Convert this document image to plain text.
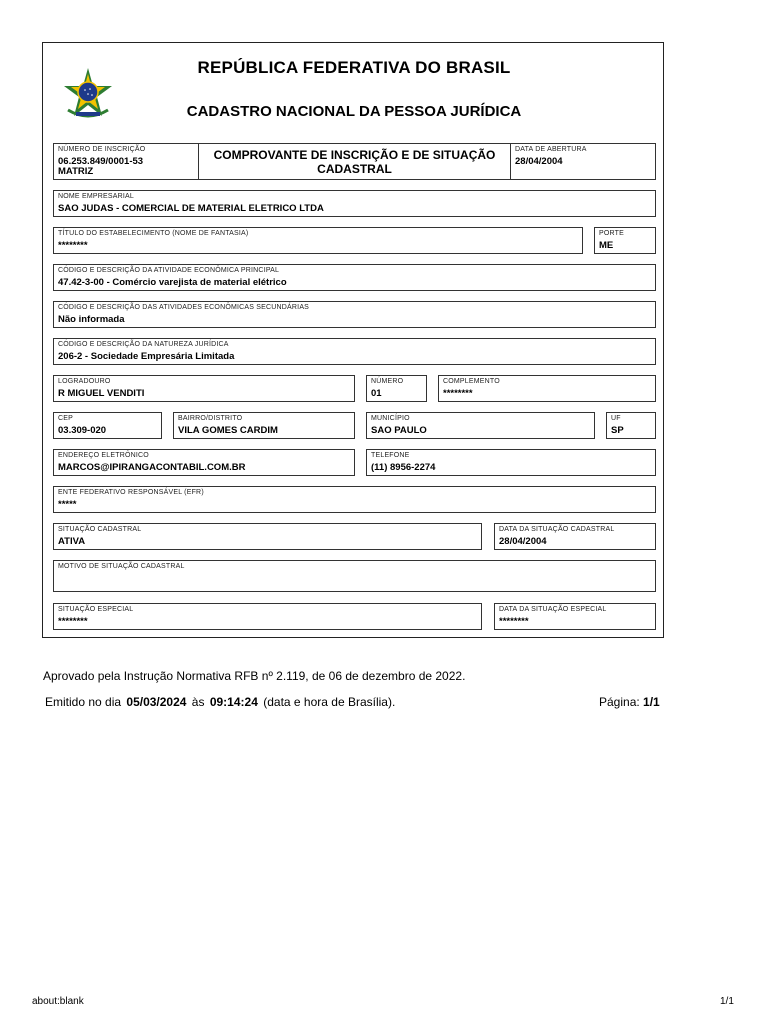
REPÚBLICA FEDERATIVA DO BRASIL
CADASTRO NACIONAL DA PESSOA JURÍDICA
NÚMERO DE INSCRIÇÃO
06.253.849/0001-53
MATRIZ
COMPROVANTE DE INSCRIÇÃO E DE SITUAÇÃO
CADASTRAL
DATA DE ABERTURA
28/04/2004
NOME EMPRESARIAL
SAO JUDAS - COMERCIAL DE MATERIAL ELETRICO LTDA
TÍTULO DO ESTABELECIMENTO (NOME DE FANTASIA)
********
PORTE
ME
CÓDIGO E DESCRIÇÃO DA ATIVIDADE ECONÔMICA PRINCIPAL
47.42-3-00 - Comércio varejista de material elétrico
CÓDIGO E DESCRIÇÃO DAS ATIVIDADES ECONÔMICAS SECUNDÁRIAS
Não informada
CÓDIGO E DESCRIÇÃO DA NATUREZA JURÍDICA
206-2 - Sociedade Empresária Limitada
LOGRADOURO
R MIGUEL VENDITI
NÚMERO
01
COMPLEMENTO
********
CEP
03.309-020
BAIRRO/DISTRITO
VILA GOMES CARDIM
MUNICÍPIO
SAO PAULO
UF
SP
ENDEREÇO ELETRÔNICO
MARCOS@IPIRANGACONTABIL.COM.BR
TELEFONE
(11) 8956-2274
ENTE FEDERATIVO RESPONSÁVEL (EFR)
*****
SITUAÇÃO CADASTRAL
ATIVA
DATA DA SITUAÇÃO CADASTRAL
28/04/2004
MOTIVO DE SITUAÇÃO CADASTRAL
SITUAÇÃO ESPECIAL
********
DATA DA SITUAÇÃO ESPECIAL
********
Aprovado pela Instrução Normativa RFB nº 2.119, de 06 de dezembro de 2022.
Emitido no dia 05/03/2024 às 09:14:24 (data e hora de Brasília).	Página: 1/1
about:blank	1/1
